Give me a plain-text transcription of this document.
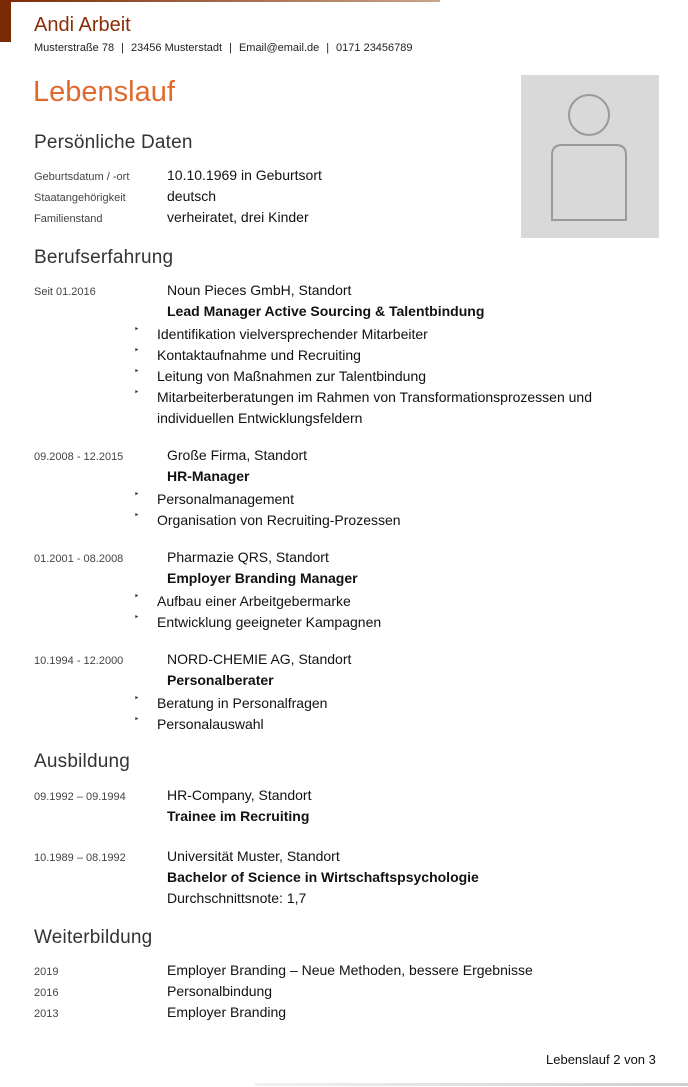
Andi Arbeit
Musterstraße 78 | 23456 Musterstadt | Email@email.de | 0171 23456789
Lebenslauf
Persönliche Daten
Geburtsdatum / -ort	10.10.1969 in Geburtsort
Staatangehörigkeit	deutsch
Familienstand	verheiratet, drei Kinder
Berufserfahrung
Seit 01.2016	Noun Pieces GmbH, Standort
Lead Manager Active Sourcing & Talentbindung
‣ Identifikation vielversprechender Mitarbeiter
‣ Kontaktaufnahme und Recruiting
‣ Leitung von Maßnahmen zur Talentbindung
‣ Mitarbeiterberatungen im Rahmen von Transformationsprozessen und individuellen Entwicklungsfeldern
09.2008 - 12.2015	Große Firma, Standort
HR-Manager
‣ Personalmanagement
‣ Organisation von Recruiting-Prozessen
01.2001 - 08.2008	Pharmazie QRS, Standort
Employer Branding Manager
‣ Aufbau einer Arbeitgebermarke
‣ Entwicklung geeigneter Kampagnen
10.1994 - 12.2000	NORD-CHEMIE AG, Standort
Personalberater
‣ Beratung in Personalfragen
‣ Personalauswahl
Ausbildung
09.1992 – 09.1994	HR-Company, Standort
Trainee im Recruiting
10.1989 – 08.1992	Universität Muster, Standort
Bachelor of Science in Wirtschaftspsychologie
Durchschnittsnote: 1,7
Weiterbildung
2019	Employer Branding – Neue Methoden, bessere Ergebnisse
2016	Personalbindung
2013	Employer Branding
Lebenslauf 2 von 3
